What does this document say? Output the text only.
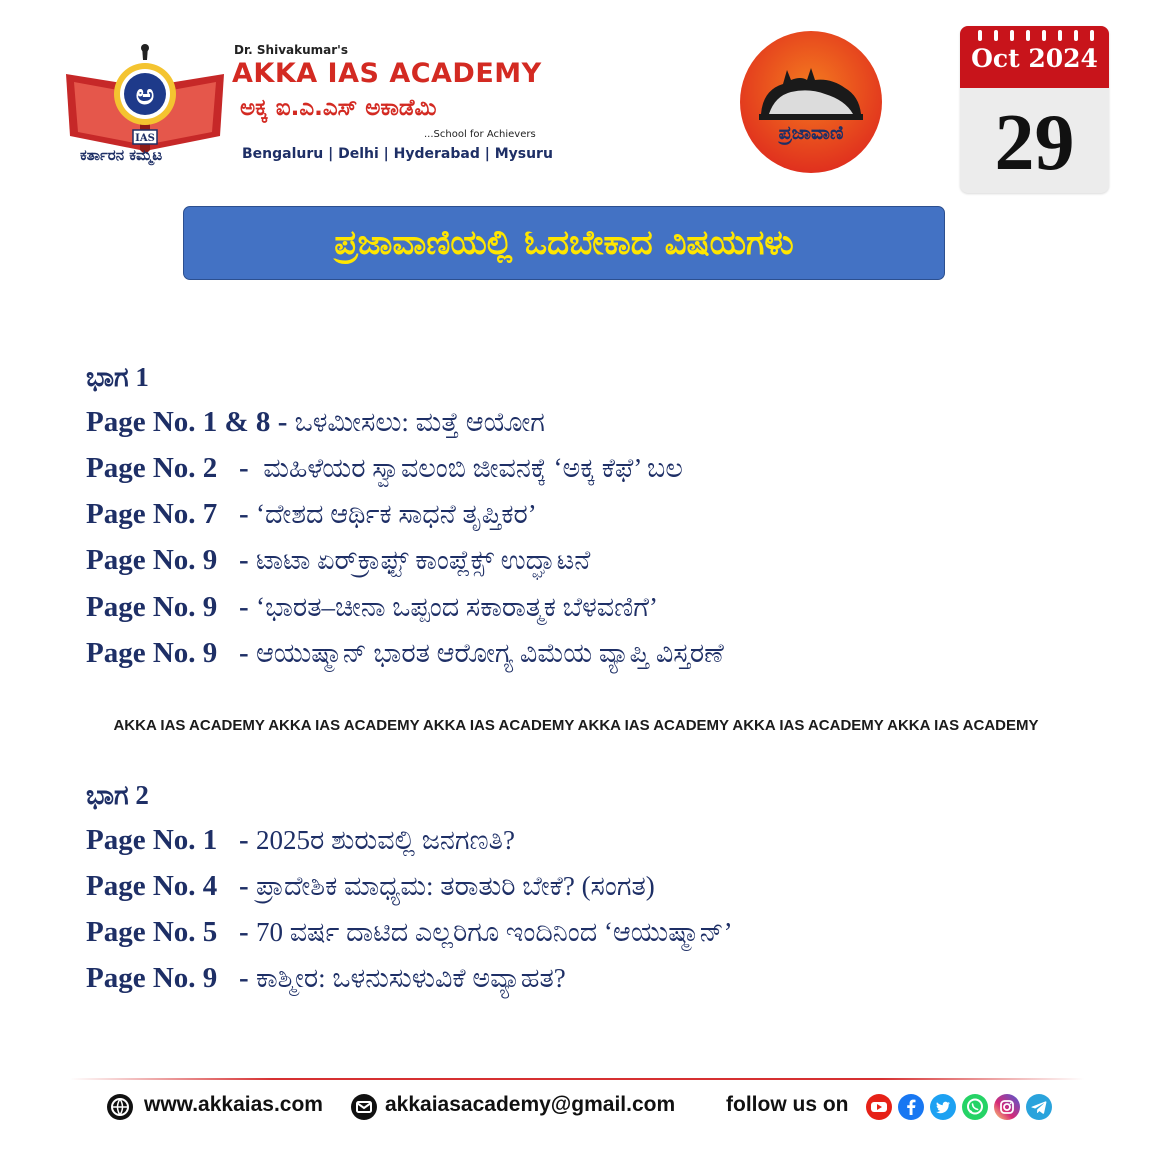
ಅ
IAS
ಕರ್ತಾರನ ಕಮ್ಮಟ
Dr. Shivakumar's
AKKA IAS ACADEMY
ಅಕ್ಕ ಐ.ಎ.ಎಸ್ ಅಕಾಡೆಮಿ
...School for Achievers
Bengaluru | Delhi | Hyderabad | Mysuru
ಪ್ರಜಾವಾಣಿ
Oct 2024
29
ಪ್ರಜಾವಾಣಿಯಲ್ಲಿ ಓದಬೇಕಾದ ವಿಷಯಗಳು
ಭಾಗ 1
Page No. 1 & 8 - ಒಳಮೀಸಲು: ಮತ್ತೆ ಆಯೋಗ
Page No. 2   -  ಮಹಿಳೆಯರ ಸ್ವಾವಲಂಬಿ ಜೀವನಕ್ಕೆ ‘ಅಕ್ಕ ಕೆಫೆ’ ಬಲ
Page No. 7   - ‘ದೇಶದ ಆರ್ಥಿಕ ಸಾಧನೆ ತೃಪ್ತಿಕರ’
Page No. 9   - ಟಾಟಾ ಏರ್‌ಕ್ರಾಫ್ಟ್ ಕಾಂಪ್ಲೆಕ್ಸ್ ಉದ್ಘಾಟನೆ
Page No. 9   - ‘ಭಾರತ–ಚೀನಾ ಒಪ್ಪಂದ ಸಕಾರಾತ್ಮಕ ಬೆಳವಣಿಗೆ’
Page No. 9   - ಆಯುಷ್ಮಾನ್ ಭಾರತ ಆರೋಗ್ಯ ವಿಮೆಯ ವ್ಯಾಪ್ತಿ ವಿಸ್ತರಣೆ
AKKA IAS ACADEMY AKKA IAS ACADEMY AKKA IAS ACADEMY AKKA IAS ACADEMY AKKA IAS ACADEMY AKKA IAS ACADEMY
ಭಾಗ 2
Page No. 1   - 2025ರ ಶುರುವಲ್ಲಿ ಜನಗಣತಿ?
Page No. 4   - ಪ್ರಾದೇಶಿಕ ಮಾಧ್ಯಮ: ತರಾತುರಿ ಬೇಕೆ? (ಸಂಗತ)
Page No. 5   - 70 ವರ್ಷ ದಾಟಿದ ಎಲ್ಲರಿಗೂ ಇಂದಿನಿಂದ ‘ಆಯುಷ್ಮಾನ್’
Page No. 9   - ಕಾಶ್ಮೀರ: ಒಳನುಸುಳುವಿಕೆ ಅವ್ಯಾಹತ?
www.akkaias.com	akkaiasacademy@gmail.com follow us on
